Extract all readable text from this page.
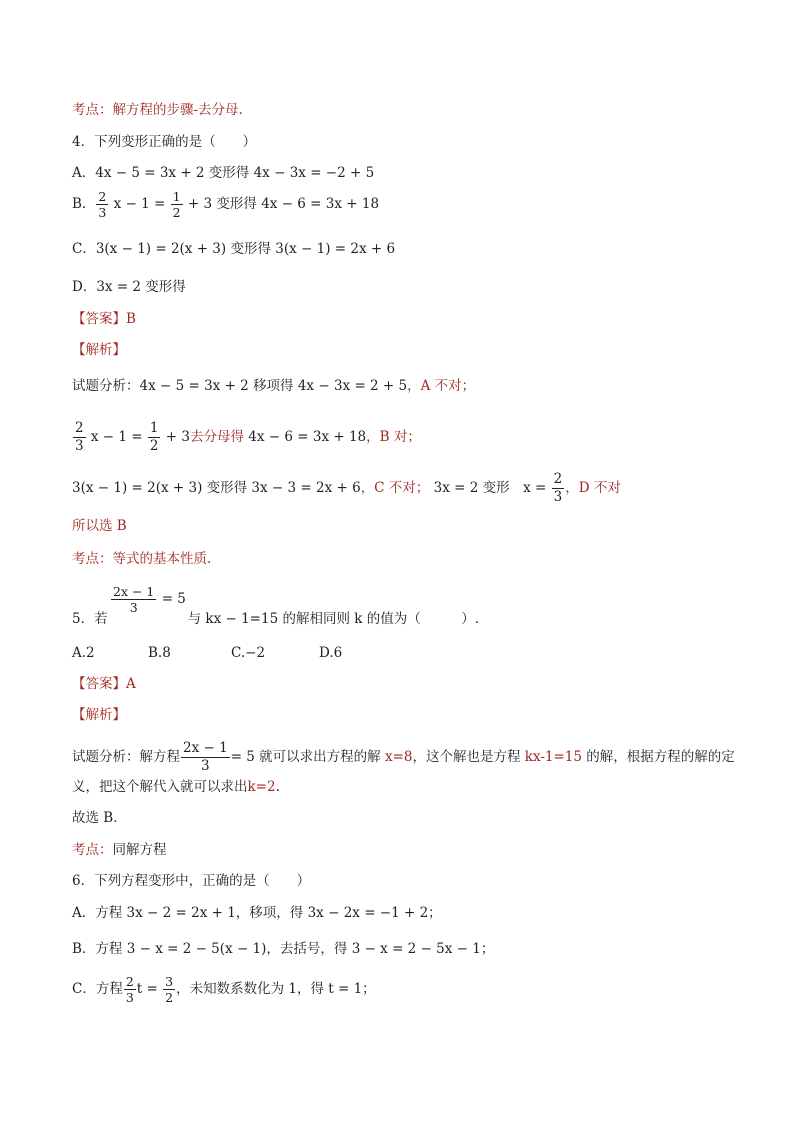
考点：解方程的步骤-去分母.
4．下列变形正确的是（　　）
A．4x − 5 = 3x + 2 变形得 4x − 3x = −2 + 5
B． $\frac{2}{3}$ $x - 1 = \frac{1}{2} + 3$ 变形得 4x − 6 = 3x + 18
C．3(x − 1) = 2(x + 3) 变形得 3(x − 1) = 2x + 6
D．3x = 2 变形得
【答案】B
【解析】
试题分析：4x − 5 = 3x + 2 移项得 4x − 3x = 2 + 5，A 不对；
$\frac{2}{3}$ $x - 1 = \frac{1}{2} + 3$去分母得 4x − 6 = 3x + 18，B 对；
3(x − 1) = 2(x + 3) 变形得 3x − 3 = 2x + 6，C 不对； 3x = 2 变形　$x = \frac{2}{3}$ ，D 不对
所以选 B
考点：等式的基本性质.
$\frac{2x - 1}{3} = 5$
5．若	与 kx − 1=15 的解相同则 k 的值为（　　　）.
A.2	B.8	C.−2	D.6
【答案】A
【解析】
试题分析：解方程 $\frac{2x - 1}{3} = 5$ 就可以求出方程的解 x=8，这个解也是方程 kx-1=15 的解，根据方程的解的定
义，把这个解代入就可以求出k=2.
故选 B．
考点：同解方程
6．下列方程变形中，正确的是（　　）
A．方程 3x − 2 = 2x + 1，移项，得 3x − 2x = −1 + 2；
B．方程 3 − x = 2 − 5(x − 1)，去括号，得 3 − x = 2 − 5x − 1；
C．方程 $\frac{2}{3}$ $t = \frac{3}{2}$ ，未知数系数化为 1，得 t = 1；
